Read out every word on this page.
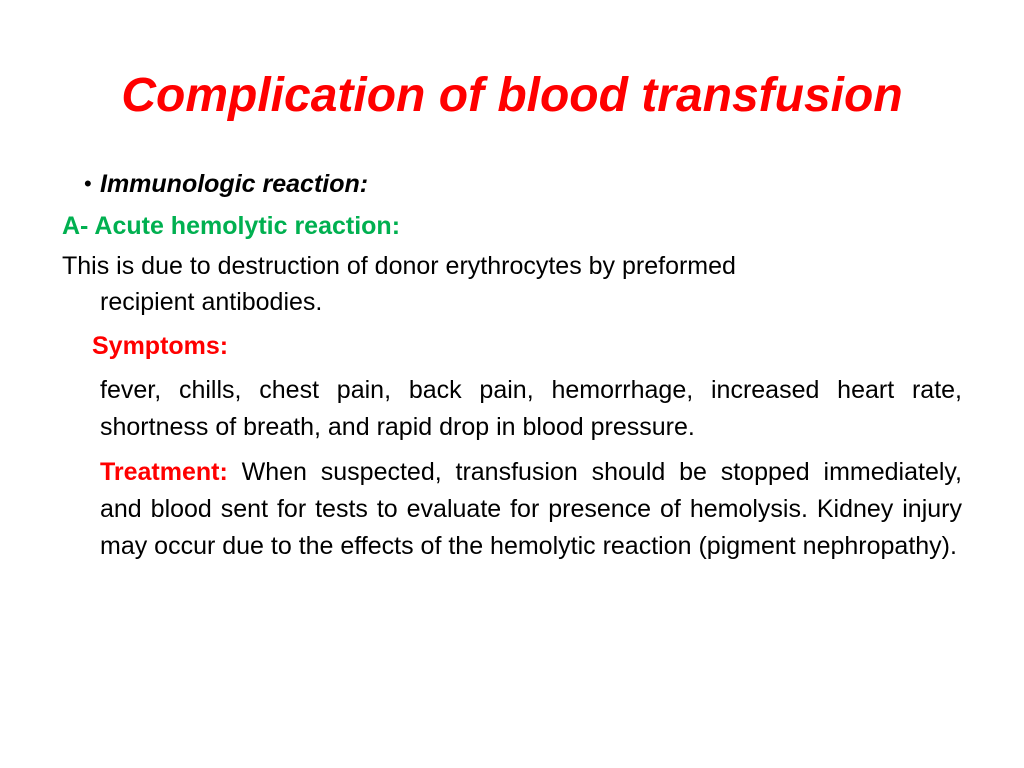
Complication of blood transfusion
• Immunologic reaction:

A- Acute hemolytic reaction:

This is due to destruction of donor erythrocytes by preformed
recipient antibodies.

Symptoms:

fever, chills, chest pain, back pain, hemorrhage, increased heart rate, shortness of breath, and rapid drop in blood pressure.

Treatment: When suspected, transfusion should be stopped immediately, and blood sent for tests to evaluate for presence of hemolysis. Kidney injury may occur due to the effects of the hemolytic reaction (pigment nephropathy).
